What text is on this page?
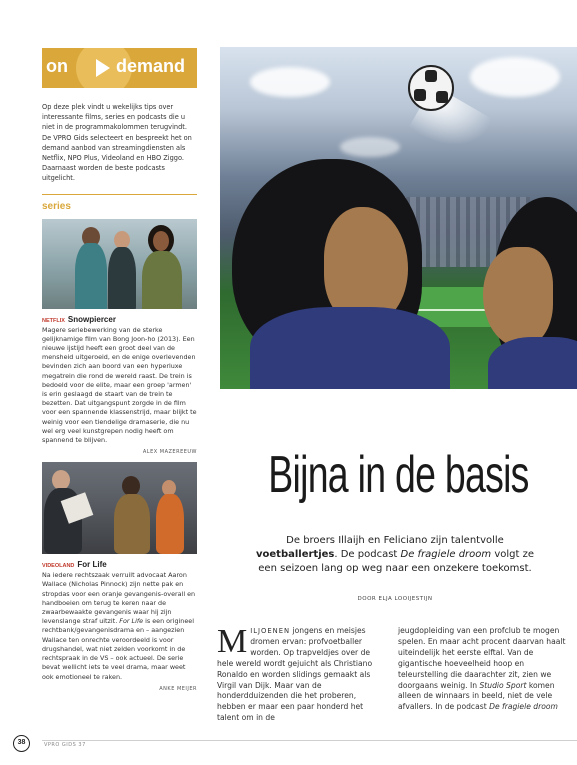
on	demand

Op deze plek vindt u wekelijks tips over interessante films, series en podcasts die u niet in de programmakolommen terugvindt. De VPRO Gids selecteert en bespreekt het on demand aanbod van streamingdiensten als Netflix, NPO Plus, Videoland en HBO Ziggo. Daarnaast worden de beste podcasts uitgelicht.

series
NETFLIX Snowpiercer

Magere seriebewerking van de sterke gelijknamige film van Bong Joon-ho (2013). Een nieuwe ijstijd heeft een groot deel van de mensheid uitgeroeid, en de enige overlevenden bevinden zich aan boord van een hyperluxe megatrein die rond de wereld raast. De trein is bedoeld voor de elite, maar een groep 'armen' is erin geslaagd de staart van de trein te bezetten. Dat uitgangspunt zorgde in de film voor een spannende klassenstrijd, maar blijkt te weinig voor een tiendelige dramaserie, die nu wel erg veel kunstgrepen nodig heeft om spannend te blijven.

ALEX MAZEREEUW
VIDEOLAND For Life

Na iedere rechtszaak verruilt advocaat Aaron Wallace (Nicholas Pinnock) zijn nette pak en stropdas voor een oranje gevangenis-overall en handboeien om terug te keren naar de zwaarbewaakte gevangenis waar hij zijn levenslange straf uitzit. For Life is een origineel rechtbank/gevangenisdrama en – aangezien Wallace ten onrechte veroordeeld is voor drugshandel, wat niet zelden voorkomt in de rechtspraak in de VS – ook actueel. De serie bevat wellicht iets te veel drama, maar weet ook emotioneel te raken.

ANKE MEIJER
Bijna in de basis

De broers Illaijh en Feliciano zijn talentvolle voetballertjes. De podcast De fragiele droom volgt ze een seizoen lang op weg naar een onzekere toekomst.

DOOR ELJA LOOIJESTIJN
MILJOENEN jongens en meisjes dromen ervan: profvoetballer worden. Op trapveldjes over de hele wereld wordt gejuicht als Christiano Ronaldo en worden slidings gemaakt als Virgil van Dijk. Maar van de honderdduizenden die het proberen, hebben er maar een paar honderd het talent om in de
jeugdopleiding van een profclub te mogen spelen. En maar acht procent daarvan haalt uiteindelijk het eerste elftal. Van de gigantische hoeveelheid hoop en teleurstelling die daarachter zit, zien we doorgaans weinig. In Studio Sport komen alleen de winnaars in beeld, niet de vele afvallers. In de podcast De fragiele droom
38	VPRO GIDS 37
